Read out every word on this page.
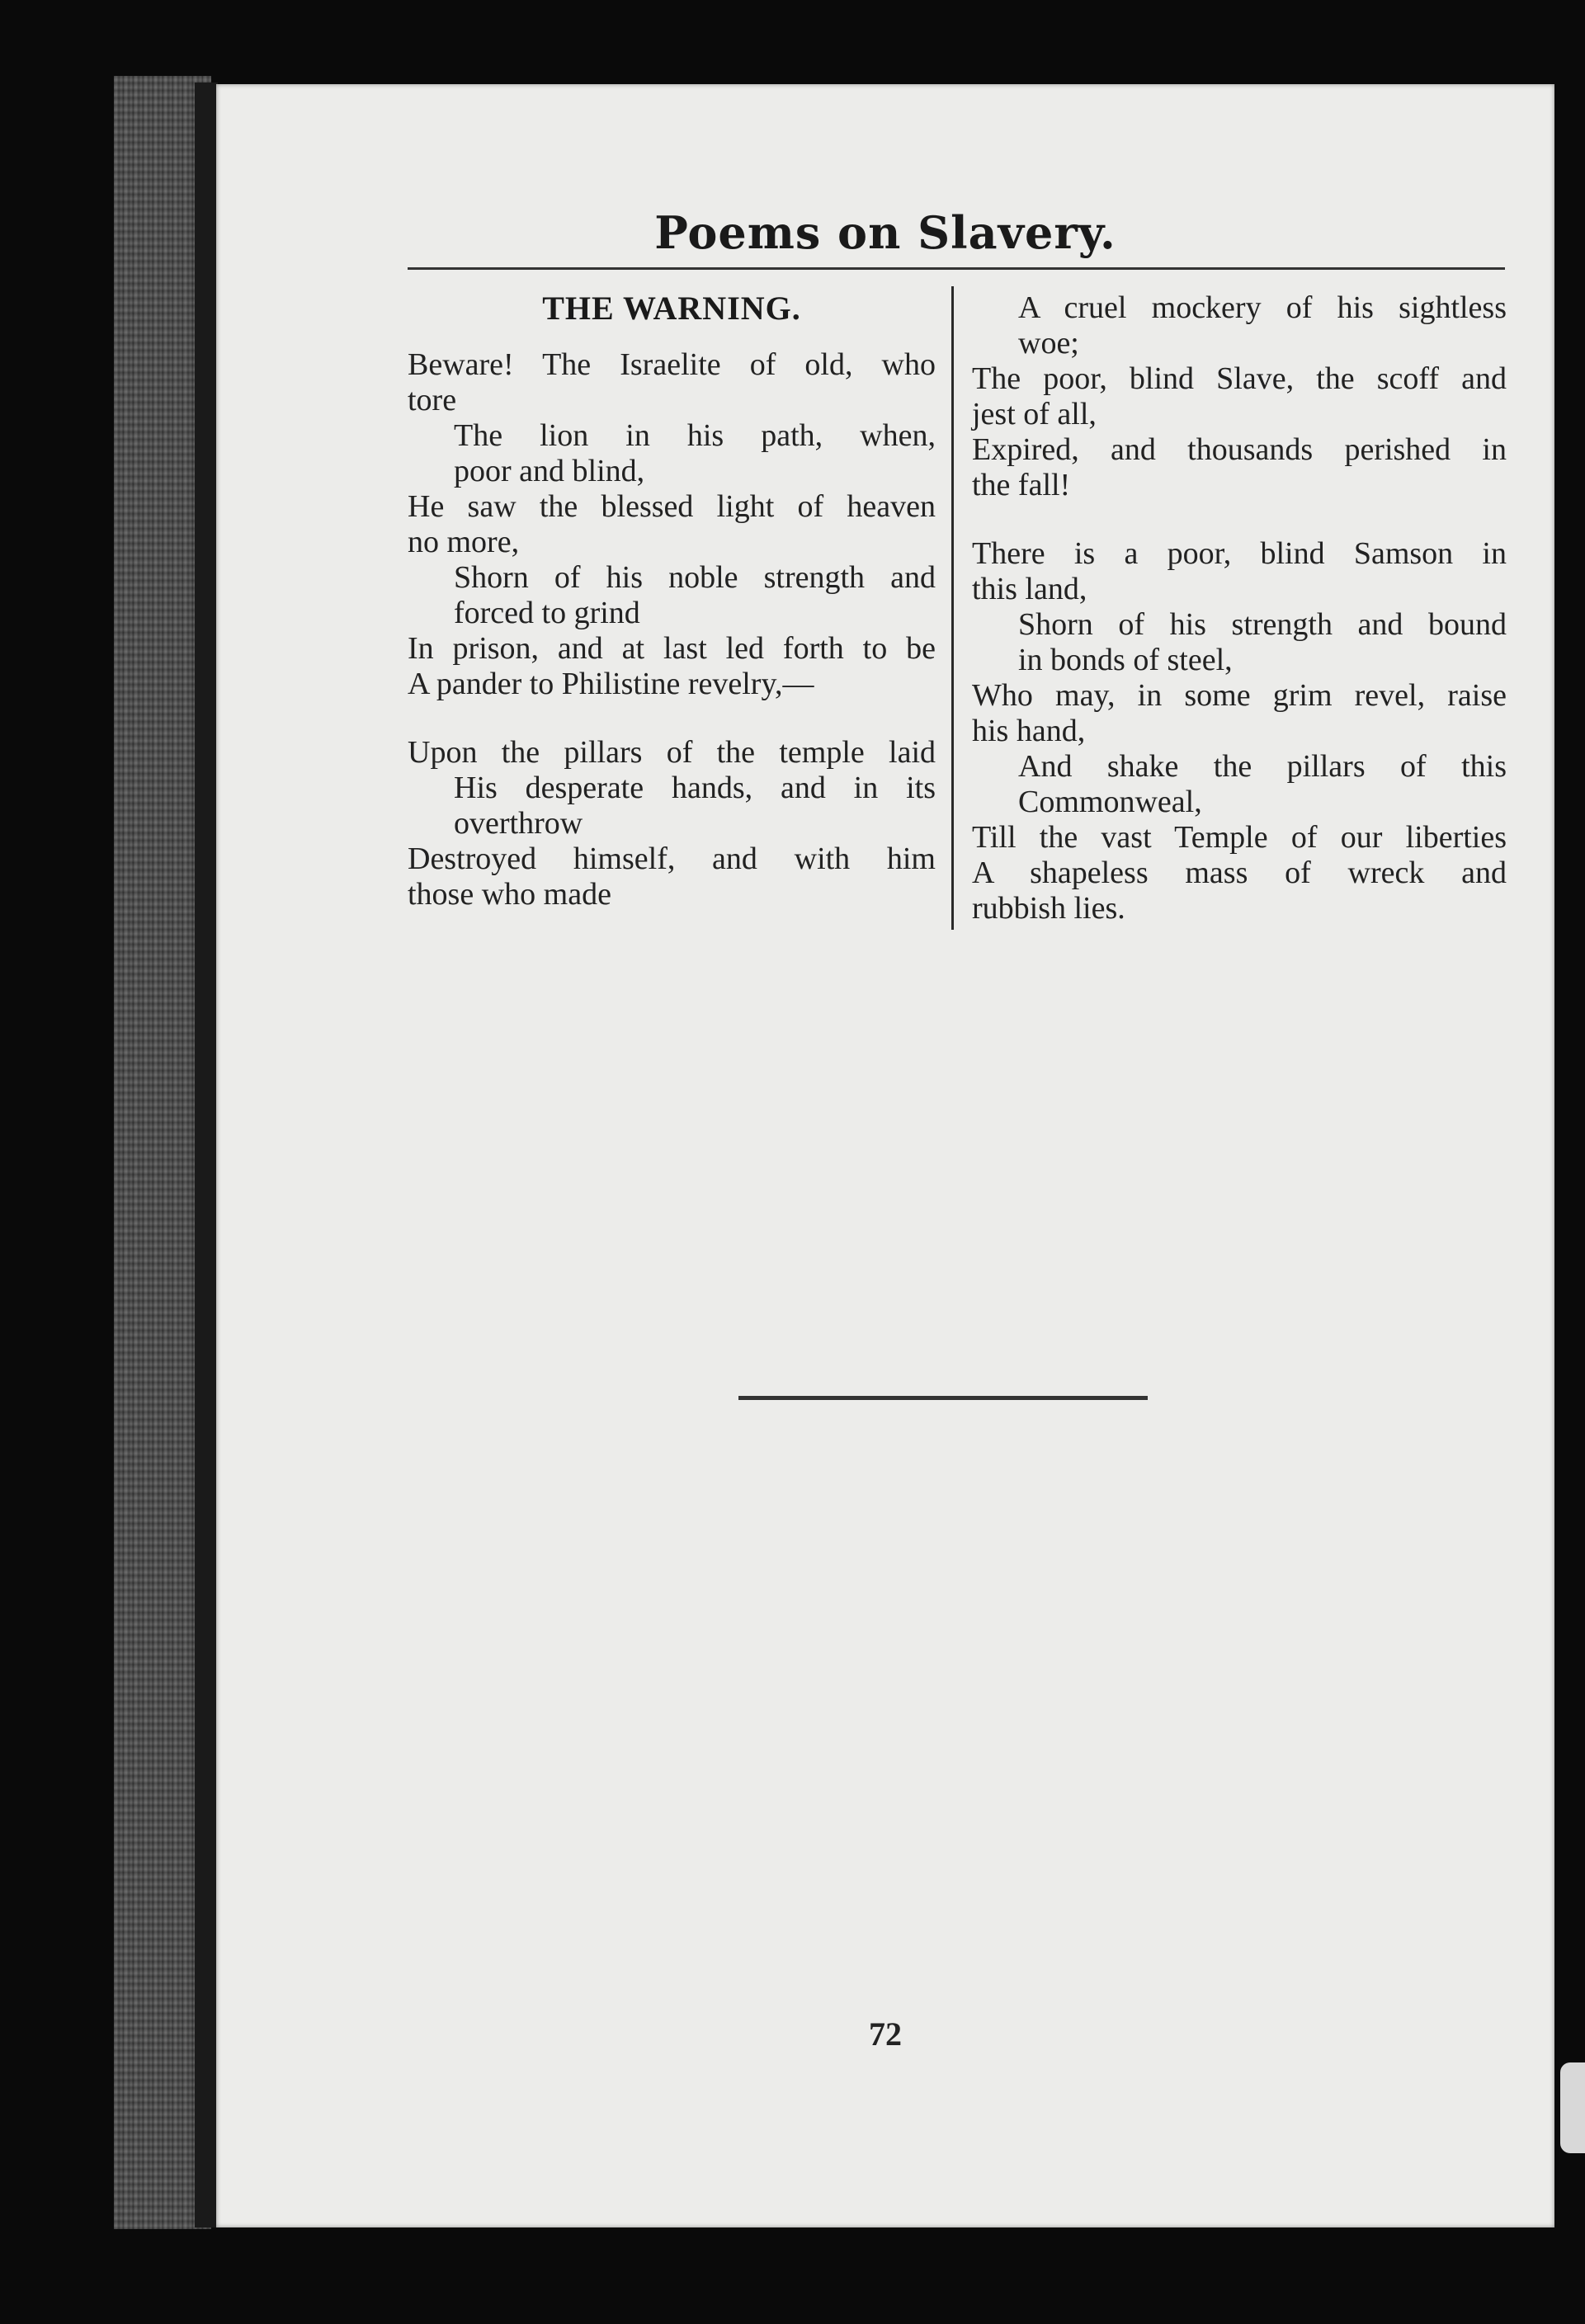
Poems on Slavery.
THE WARNING.
Beware! The Israelite of old, who
tore
The lion in his path, when,
poor and blind,
He saw the blessed light of heaven
no more,
Shorn of his noble strength and
forced to grind
In prison, and at last led forth to be
A pander to Philistine revelry,—
Upon the pillars of the temple laid
His desperate hands, and in its
overthrow
Destroyed himself, and with him
those who made
A cruel mockery of his sightless
woe;
The poor, blind Slave, the scoff and
jest of all,
Expired, and thousands perished in
the fall!
There is a poor, blind Samson in
this land,
Shorn of his strength and bound
in bonds of steel,
Who may, in some grim revel, raise
his hand,
And shake the pillars of this
Commonweal,
Till the vast Temple of our liberties
A shapeless mass of wreck and
rubbish lies.
72
